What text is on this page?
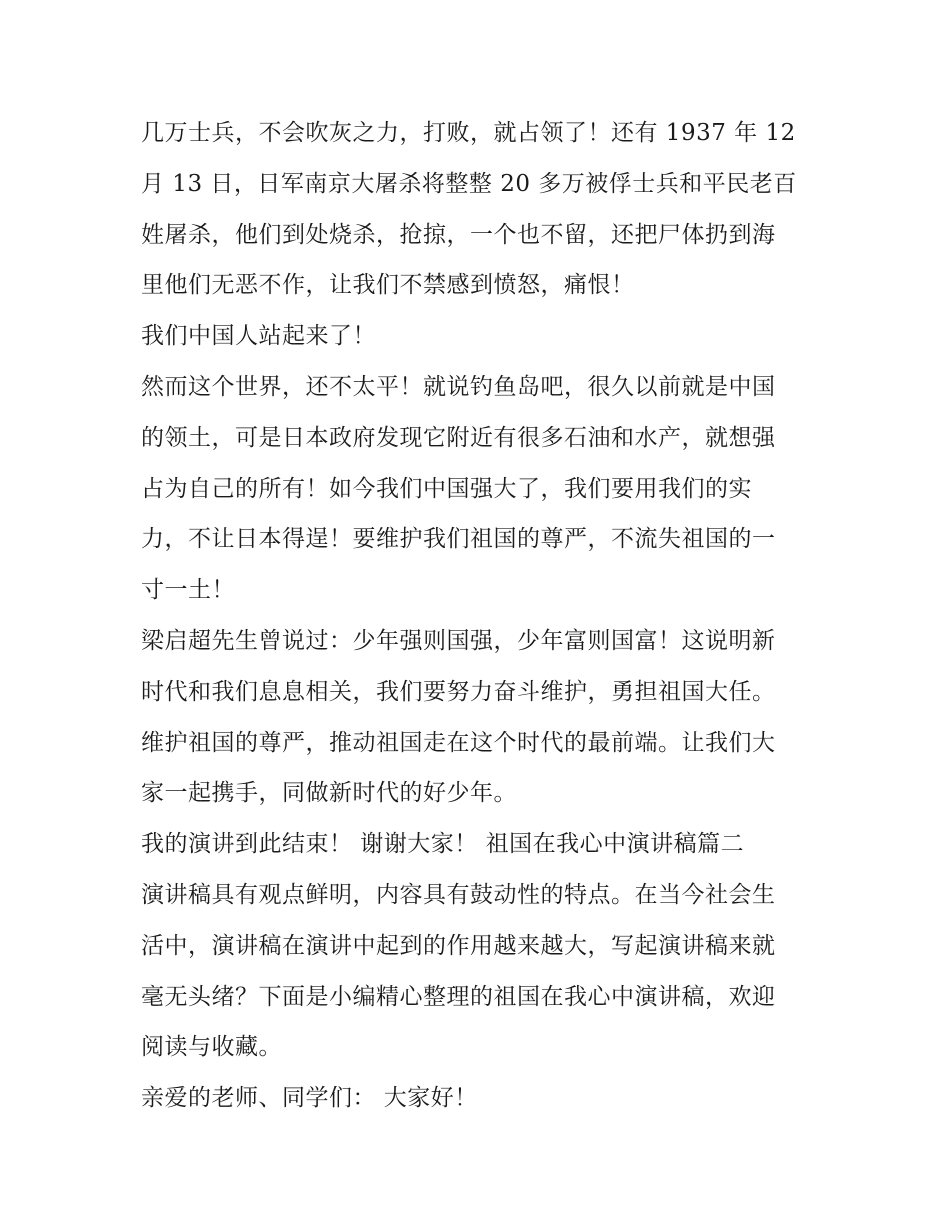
几万士兵，不会吹灰之力，打败，就占领了！还有 1937 年 12
月 13 日，日军南京大屠杀将整整 20 多万被俘士兵和平民老百
姓屠杀，他们到处烧杀，抢掠，一个也不留，还把尸体扔到海
里他们无恶不作，让我们不禁感到愤怒，痛恨！
我们中国人站起来了！
然而这个世界，还不太平！就说钓鱼岛吧，很久以前就是中国
的领土，可是日本政府发现它附近有很多石油和水产，就想强
占为自己的所有！如今我们中国强大了，我们要用我们的实
力，不让日本得逞！要维护我们祖国的尊严，不流失祖国的一
寸一土！
梁启超先生曾说过：少年强则国强，少年富则国富！这说明新
时代和我们息息相关，我们要努力奋斗维护，勇担祖国大任。
维护祖国的尊严，推动祖国走在这个时代的最前端。让我们大
家一起携手，同做新时代的好少年。
我的演讲到此结束！ 谢谢大家！ 祖国在我心中演讲稿篇二
演讲稿具有观点鲜明，内容具有鼓动性的特点。在当今社会生
活中，演讲稿在演讲中起到的作用越来越大，写起演讲稿来就
毫无头绪？下面是小编精心整理的祖国在我心中演讲稿，欢迎
阅读与收藏。
亲爱的老师、同学们： 大家好！
